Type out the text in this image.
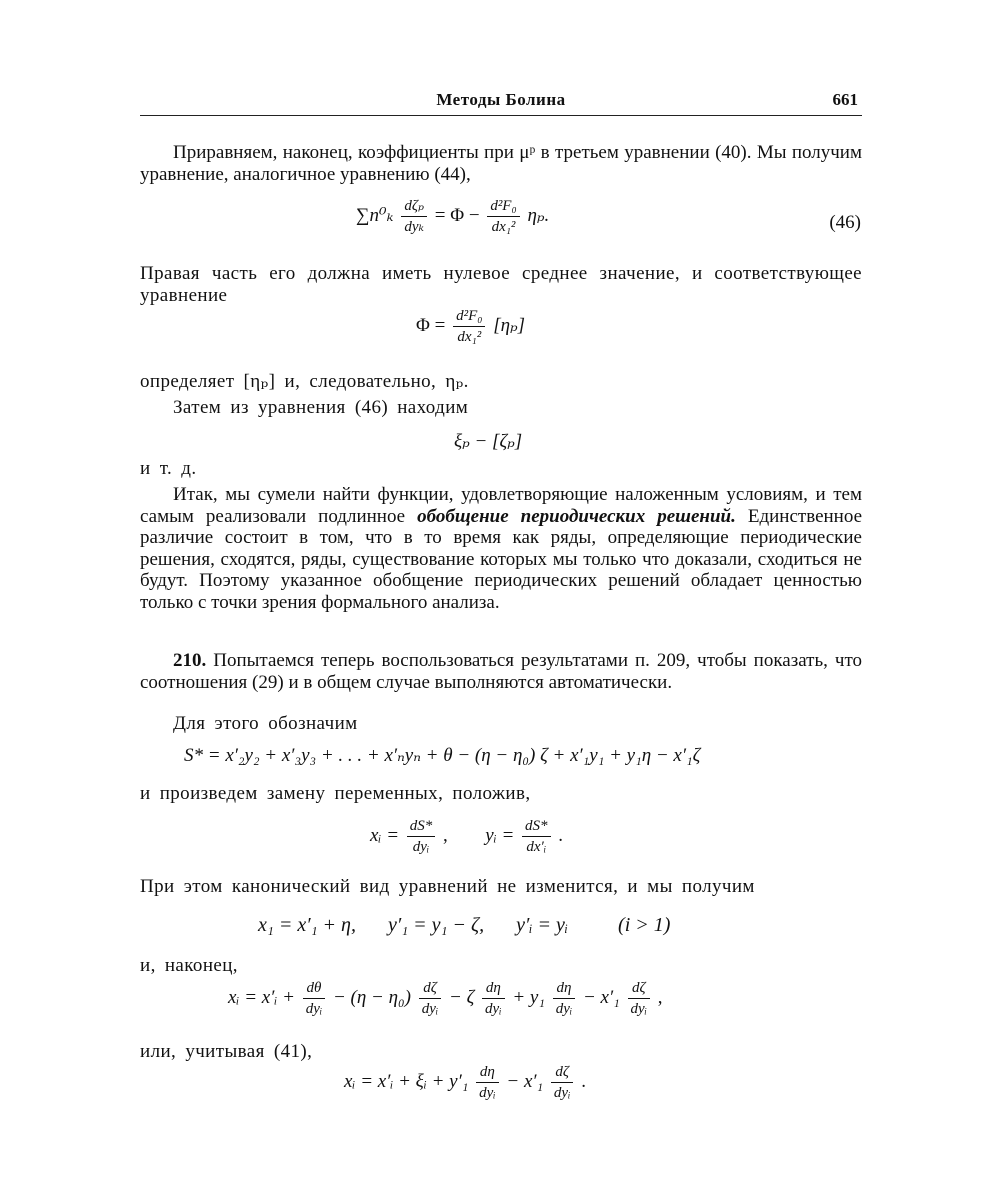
Методы Болина	661

Приравняем, наконец, коэффициенты при μᵖ в третьем уравнении (40). Мы получим уравнение, аналогичное уравнению (44),

∑n⁰ₖ dζₚ
dyₖ
= $\Phi - \frac{\text{d²F₀}}{\text{dx₁²}} \eta_p$.	(46)

Правая часть его должна иметь нулевое среднее значение, и соответствующее уравнение

$\Phi = \frac{\text{d²F₀}}{\text{dx₁²}} [\eta_p]$

определяет [ηₚ] и, следовательно, ηₚ.

Затем из уравнения (46) находим

ξₚ − [ζₚ]

и т. д.

Итак, мы сумели найти функции, удовлетворяющие наложенным условиям, и тем самым реализовали подлинное обобщение периодических решений. Единственное различие состоит в том, что в то время как ряды, определяющие периодические решения, сходятся, ряды, существование которых мы только что доказали, сходиться не будут. Поэтому указанное обобщение периодических решений обладает ценностью только с точки зрения формального анализа.

210. Попытаемся теперь воспользоваться результатами п. 209, чтобы показать, что соотношения (29) и в общем случае выполняются автоматически.

Для этого обозначим

S* = x′₂y₂ + x′₃y₃ + . . . + x′ₙyₙ + θ − (η − η₀) ζ + x′₁y₁ + y₁η − x′₁ζ

и произведем замену переменных, положив,

xᵢ = dS*
dyᵢ
, yᵢ = $\frac{dS*}{\text{dx′ᵢ}}$ .

При этом канонический вид уравнений не изменится, и мы получим

x₁ = x′₁ + η, y′₁ = y₁ − ζ, y′ᵢ = yᵢ	(i > 1)

и, наконец,

xᵢ = x′ᵢ + dθ
dyᵢ
− (η − η₀) dζ
dyᵢ
− ζ dη
dyᵢ
+ y₁ dη
dyᵢ
− x′₁ dζ
dyᵢ
,

или, учитывая (41),

xᵢ = x′ᵢ + ξᵢ + y′₁ dη
dyᵢ
− x′₁ dζ
dyᵢ
.
